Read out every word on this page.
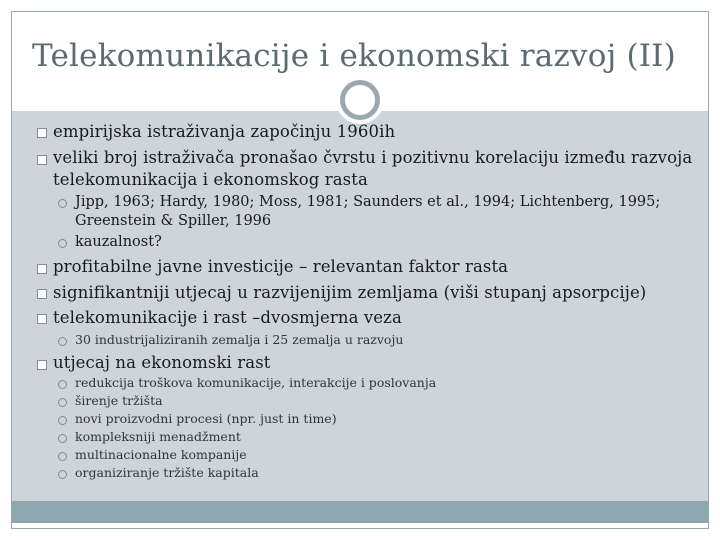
Telekomunikacije i ekonomski razvoj (II)
empirijska istraživanja započinju 1960ih
veliki broj istraživača pronašao čvrstu i pozitivnu korelaciju između razvoja
telekomunikacija i ekonomskog rasta
Jipp, 1963; Hardy, 1980; Moss, 1981; Saunders et al., 1994; Lichtenberg, 1995;
Greenstein & Spiller, 1996
kauzalnost?
profitabilne javne investicije – relevantan faktor rasta
signifikantniji utjecaj u razvijenijim zemljama (viši stupanj apsorpcije)
telekomunikacije i rast –dvosmjerna veza
30 industrijaliziranih zemalja i 25 zemalja u razvoju
utjecaj na ekonomski rast
redukcija troškova komunikacije, interakcije i poslovanja
širenje tržišta
novi proizvodni procesi (npr. just in time)
kompleksniji menadžment
multinacionalne kompanije
organiziranje tržište kapitala
